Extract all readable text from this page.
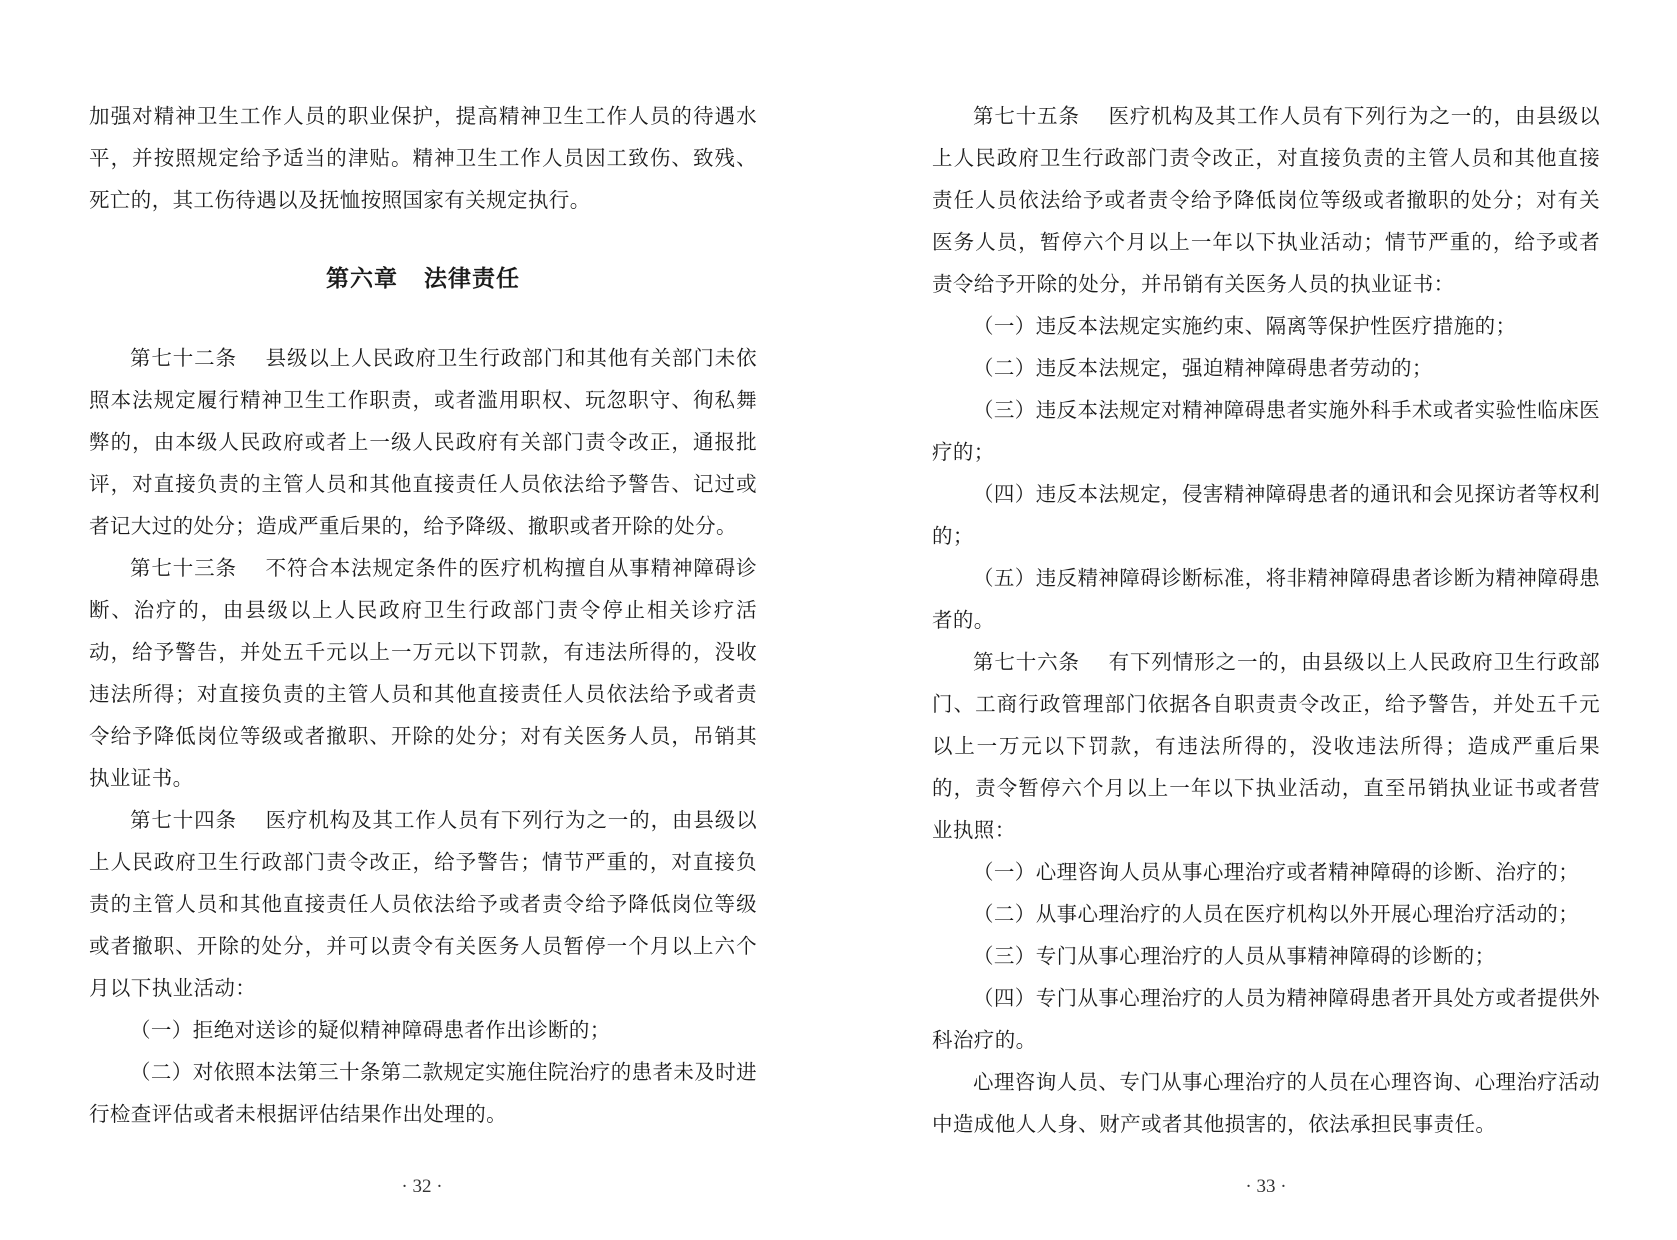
加强对精神卫生工作人员的职业保护，提高精神卫生工作人员的待遇水平，并按照规定给予适当的津贴。精神卫生工作人员因工致伤、致残、死亡的，其工伤待遇以及抚恤按照国家有关规定执行。

第六章 法律责任

第七十二条 县级以上人民政府卫生行政部门和其他有关部门未依照本法规定履行精神卫生工作职责，或者滥用职权、玩忽职守、徇私舞弊的，由本级人民政府或者上一级人民政府有关部门责令改正，通报批评，对直接负责的主管人员和其他直接责任人员依法给予警告、记过或者记大过的处分；造成严重后果的，给予降级、撤职或者开除的处分。

第七十三条 不符合本法规定条件的医疗机构擅自从事精神障碍诊断、治疗的，由县级以上人民政府卫生行政部门责令停止相关诊疗活动，给予警告，并处五千元以上一万元以下罚款，有违法所得的，没收违法所得；对直接负责的主管人员和其他直接责任人员依法给予或者责令给予降低岗位等级或者撤职、开除的处分；对有关医务人员，吊销其执业证书。

第七十四条 医疗机构及其工作人员有下列行为之一的，由县级以上人民政府卫生行政部门责令改正，给予警告；情节严重的，对直接负责的主管人员和其他直接责任人员依法给予或者责令给予降低岗位等级或者撤职、开除的处分，并可以责令有关医务人员暂停一个月以上六个月以下执业活动：

（一）拒绝对送诊的疑似精神障碍患者作出诊断的；

（二）对依照本法第三十条第二款规定实施住院治疗的患者未及时进行检查评估或者未根据评估结果作出处理的。

· 32 ·

第七十五条 医疗机构及其工作人员有下列行为之一的，由县级以上人民政府卫生行政部门责令改正，对直接负责的主管人员和其他直接责任人员依法给予或者责令给予降低岗位等级或者撤职的处分；对有关医务人员，暂停六个月以上一年以下执业活动；情节严重的，给予或者责令给予开除的处分，并吊销有关医务人员的执业证书：

（一）违反本法规定实施约束、隔离等保护性医疗措施的；

（二）违反本法规定，强迫精神障碍患者劳动的；

（三）违反本法规定对精神障碍患者实施外科手术或者实验性临床医疗的；

（四）违反本法规定，侵害精神障碍患者的通讯和会见探访者等权利的；

（五）违反精神障碍诊断标准，将非精神障碍患者诊断为精神障碍患者的。

第七十六条 有下列情形之一的，由县级以上人民政府卫生行政部门、工商行政管理部门依据各自职责责令改正，给予警告，并处五千元以上一万元以下罚款，有违法所得的，没收违法所得；造成严重后果的，责令暂停六个月以上一年以下执业活动，直至吊销执业证书或者营业执照：

（一）心理咨询人员从事心理治疗或者精神障碍的诊断、治疗的；

（二）从事心理治疗的人员在医疗机构以外开展心理治疗活动的；

（三）专门从事心理治疗的人员从事精神障碍的诊断的；

（四）专门从事心理治疗的人员为精神障碍患者开具处方或者提供外科治疗的。

心理咨询人员、专门从事心理治疗的人员在心理咨询、心理治疗活动中造成他人人身、财产或者其他损害的，依法承担民事责任。

· 33 ·
